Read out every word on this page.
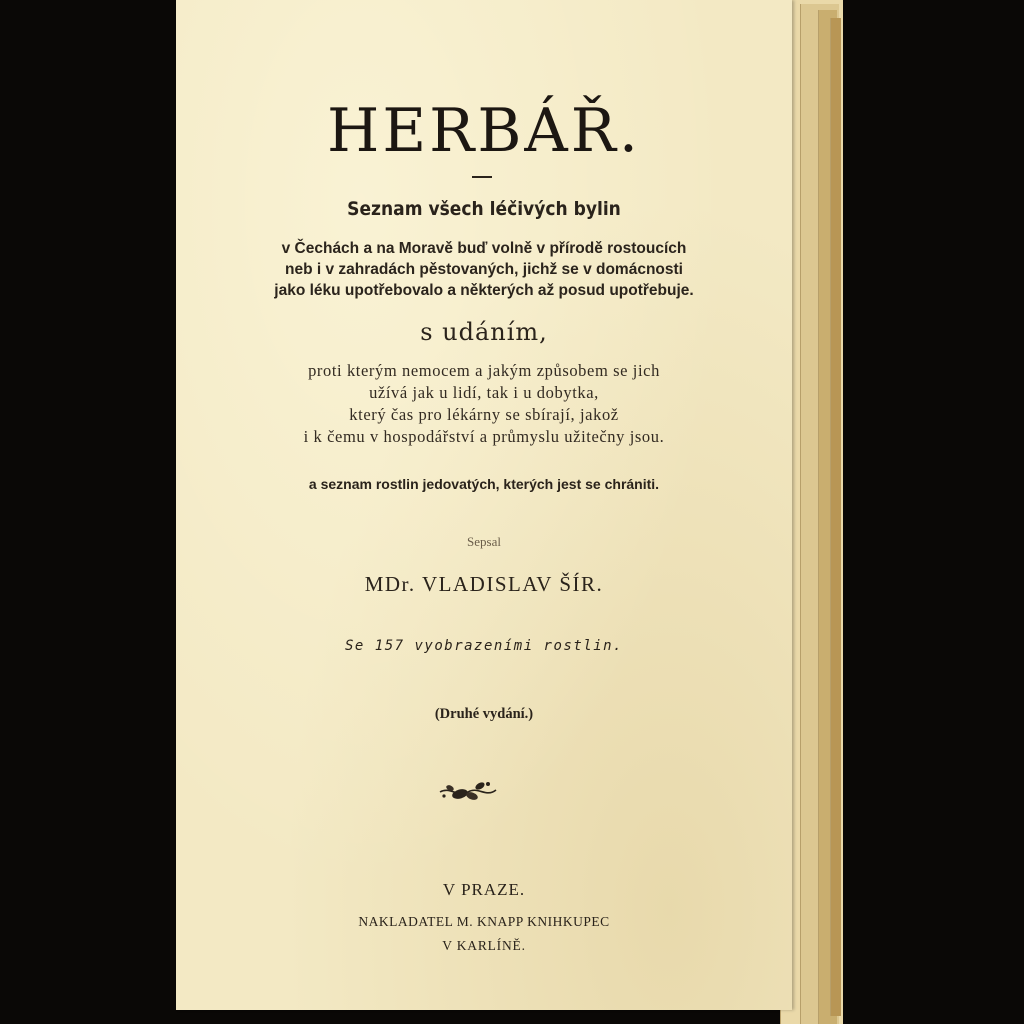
HERBÁŘ.
Seznam všech léčivých bylin
v Čechách a na Moravě buď volně v přírodě rostoucích
neb i v zahradách pěstovaných, jichž se v domácnosti
jako léku upotřebovalo a některých až posud upotřebuje.
s udáním,
proti kterým nemocem a jakým způsobem se jich
užívá jak u lidí, tak i u dobytka,
který čas pro lékárny se sbírají, jakož
i k čemu v hospodářství a průmyslu užitečny jsou.
a seznam rostlin jedovatých, kterých jest se chrániti.
Sepsal
MDr. VLADISLAV ŠÍR.
Se 157 vyobrazeními rostlin.
(Druhé vydání.)
V PRAZE.
NAKLADATEL M. KNAPP KNIHKUPEC
V KARLÍNĚ.
